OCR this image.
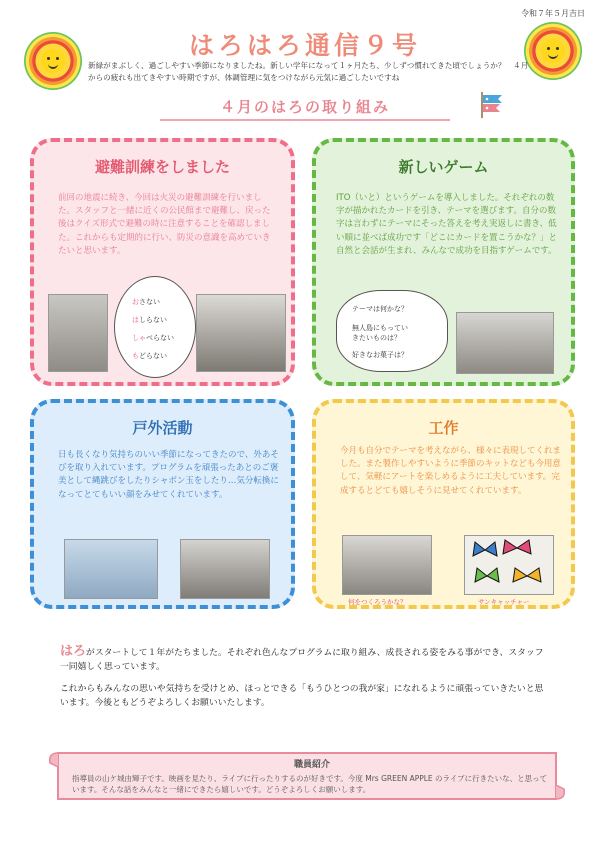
令和７年５月吉日
はろはろ通信９号
新緑がまぶしく、過ごしやすい季節になりましたね。新しい学年になって１ヶ月たち、少しずつ慣れてきた頃でしょうか？　４月からの疲れも出てきやすい時期ですが、体調管理に気をつけながら元気に過ごしたいですね
４月のはろの取り組み
避難訓練をしました
前回の地震に続き、今回は火災の避難訓練を行いました。スタッフと一緒に近くの公民館まで避難し、戻った後はクイズ形式で避難の時に注意することを確認しました。これからも定期的に行い、防災の意識を高めていきたいと思います。
おさない
はしらない
しゃべらない
もどらない
新しいゲーム
ITO（いと）というゲームを導入しました。それぞれの数字が描かれたカードを引き、テーマを選びます。自分の数字は言わずにテーマにそった答えを考え実返しに書き、低い順に並べば成功です「どこにカードを置こうかな？」と自然と会話が生まれ、みんなで成功を目指すゲームです。
テーマは何かな？
無人島にもってい
きたいものは？
好きなお菓子は？
戸外活動
日も長くなり気持ちのいい季節になってきたので、外あそびを取り入れています。プログラムを頑張ったあとのご褒美として縄跳びをしたりシャボン玉をしたり…気分転換になってとてもいい顔をみせてくれています。
工作
今月も自分でテーマを考えながら、様々に表現してくれました。また製作しやすいように季節のキットなども今用意して、気軽にアートを楽しめるように工夫しています。完成するとどても嬉しそうに見せてくれています。
何をつくろうかな？	サンキャッチャー

はろがスタートして１年がたちました。それぞれ色んなプログラムに取り組み、成長される姿をみる事ができ、スタッフ一同嬉しく思っています。

これからもみんなの思いや気持ちを受けとめ、ほっとできる「もうひとつの我が家」になれるように頑張っていきたいと思います。今後ともどうぞよろしくお願いいたします。

職員紹介
指導員の山ケ城由輝子です。映画を見たり、ライブに行ったりするのが好きです。今度 Mrs GREEN APPLE のライブに行きたいな、と思っています。そんな話をみんなと一緒にできたら嬉しいです。どうぞよろしくお願いします。
